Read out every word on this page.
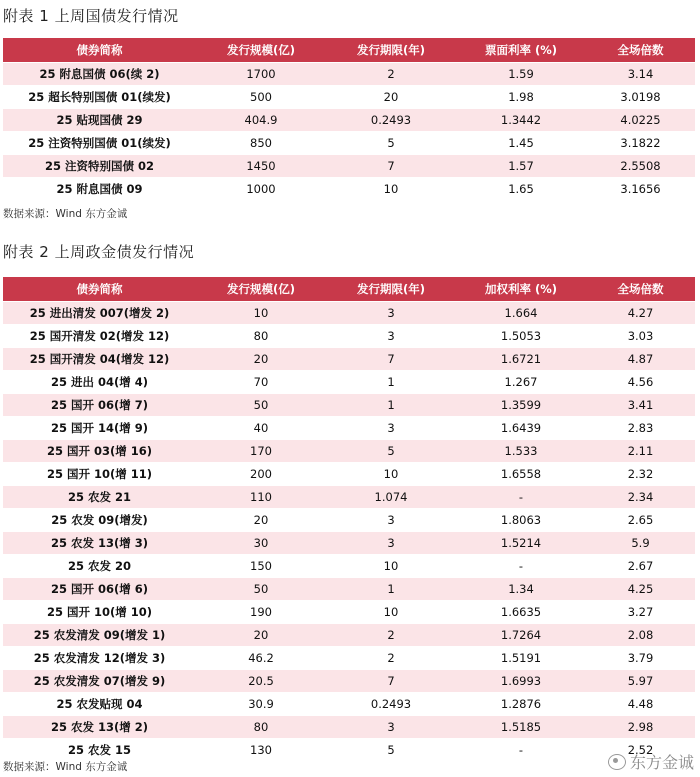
附表 1 上周国债发行情况
债券简称	发行规模(亿)	发行期限(年)	票面利率 (%)	全场倍数
25 附息国债 06(续 2)	1700	2	1.59	3.14
25 超长特别国债 01(续发)	500	20	1.98	3.0198
25 贴现国债 29	404.9	0.2493	1.3442	4.0225
25 注资特别国债 01(续发)	850	5	1.45	3.1822
25 注资特别国债 02	1450	7	1.57	2.5508
25 附息国债 09	1000	10	1.65	3.1656
数据来源：Wind 东方金诚
附表 2 上周政金债发行情况
债券简称	发行规模(亿)	发行期限(年)	加权利率 (%)	全场倍数
25 进出清发 007(增发 2)	10	3	1.664	4.27
25 国开清发 02(增发 12)	80	3	1.5053	3.03
25 国开清发 04(增发 12)	20	7	1.6721	4.87
25 进出 04(增 4)	70	1	1.267	4.56
25 国开 06(增 7)	50	1	1.3599	3.41
25 国开 14(增 9)	40	3	1.6439	2.83
25 国开 03(增 16)	170	5	1.533	2.11
25 国开 10(增 11)	200	10	1.6558	2.32
25 农发 21	110	1.074	-	2.34
25 农发 09(增发)	20	3	1.8063	2.65
25 农发 13(增 3)	30	3	1.5214	5.9
25 农发 20	150	10	-	2.67
25 国开 06(增 6)	50	1	1.34	4.25
25 国开 10(增 10)	190	10	1.6635	3.27
25 农发清发 09(增发 1)	20	2	1.7264	2.08
25 农发清发 12(增发 3)	46.2	2	1.5191	3.79
25 农发清发 07(增发 9)	20.5	7	1.6993	5.97
25 农发贴现 04	30.9	0.2493	1.2876	4.48
25 农发 13(增 2)	80	3	1.5185	2.98
25 农发 15	130	5	-	2.52
数据来源：Wind 东方金诚	东方金诚
